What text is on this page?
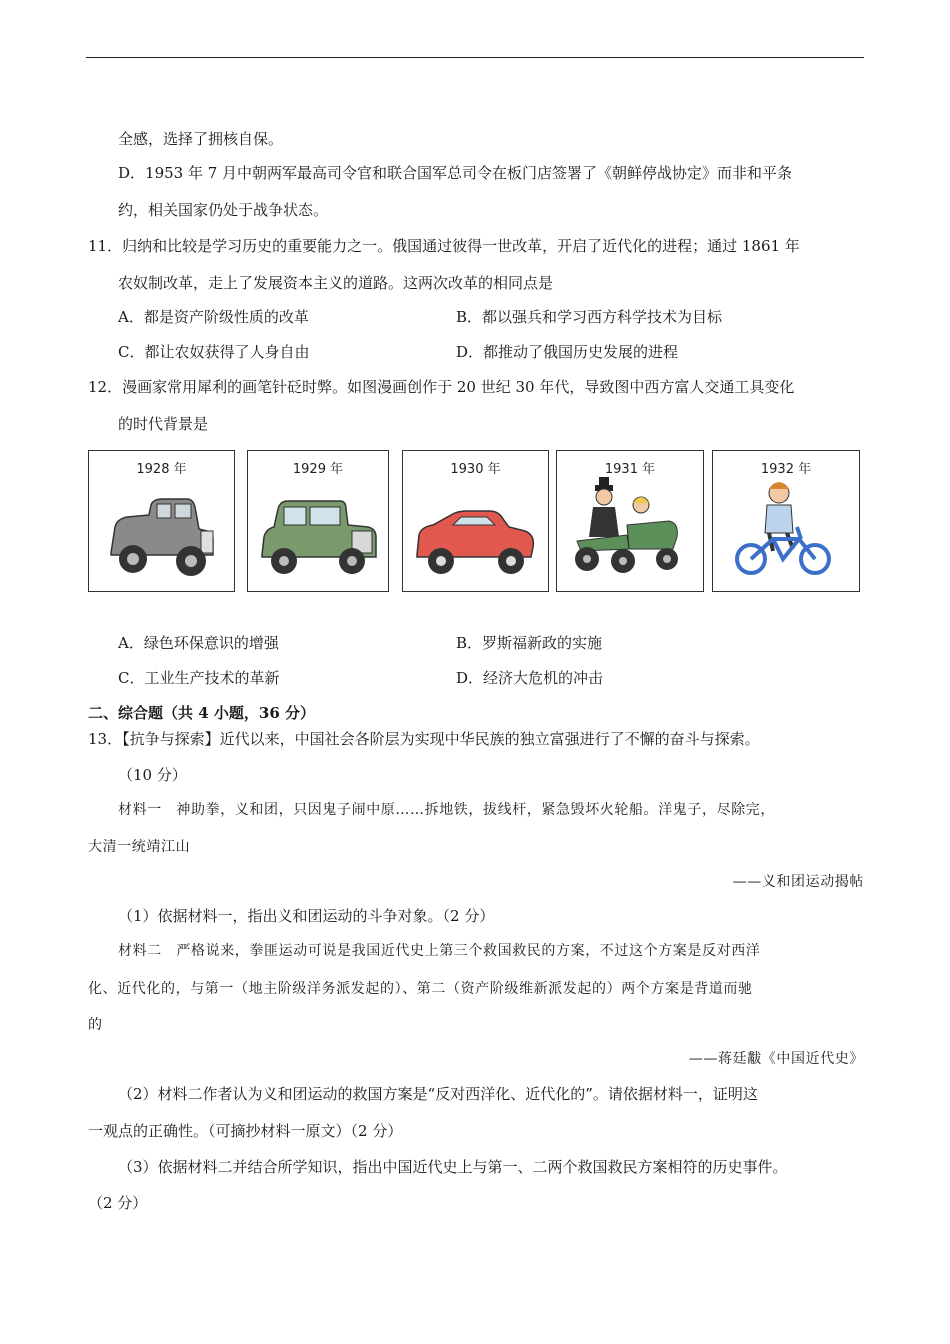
全感，选择了拥核自保。
D．1953 年 7 月中朝两军最高司令官和联合国军总司令在板门店签署了《朝鲜停战协定》而非和平条
约，相关国家仍处于战争状态。
11．归纳和比较是学习历史的重要能力之一。俄国通过彼得一世改革，开启了近代化的进程；通过 1861 年
农奴制改革，走上了发展资本主义的道路。这两次改革的相同点是
A．都是资产阶级性质的改革	B．都以强兵和学习西方科学技术为目标
C．都让农奴获得了人身自由	D．都推动了俄国历史发展的进程
12．漫画家常用犀利的画笔针砭时弊。如图漫画创作于 20 世纪 30 年代，导致图中西方富人交通工具变化
的时代背景是
1928 年	1929 年	1930 年	1931 年	1932 年
A．绿色环保意识的增强	B．罗斯福新政的实施
C．工业生产技术的革新	D．经济大危机的冲击
二、综合题（共 4 小题，36 分）
13．【抗争与探索】近代以来，中国社会各阶层为实现中华民族的独立富强进行了不懈的奋斗与探索。
（10 分）
材料一　神助拳，义和团，只因鬼子闹中原……拆地铁，拔线杆，紧急毁坏火轮船。洋鬼子，尽除完，
大清一统靖江山
——义和团运动揭帖
（1）依据材料一，指出义和团运动的斗争对象。（2 分）
材料二　严格说来，拳匪运动可说是我国近代史上第三个救国救民的方案，不过这个方案是反对西洋
化、近代化的，与第一（地主阶级洋务派发起的）、第二（资产阶级维新派发起的）两个方案是背道而驰
的
——蒋廷黻《中国近代史》
（2）材料二作者认为义和团运动的救国方案是“反对西洋化、近代化的”。请依据材料一，证明这
一观点的正确性。（可摘抄材料一原文）（2 分）
（3）依据材料二并结合所学知识，指出中国近代史上与第一、二两个救国救民方案相符的历史事件。
（2 分）
